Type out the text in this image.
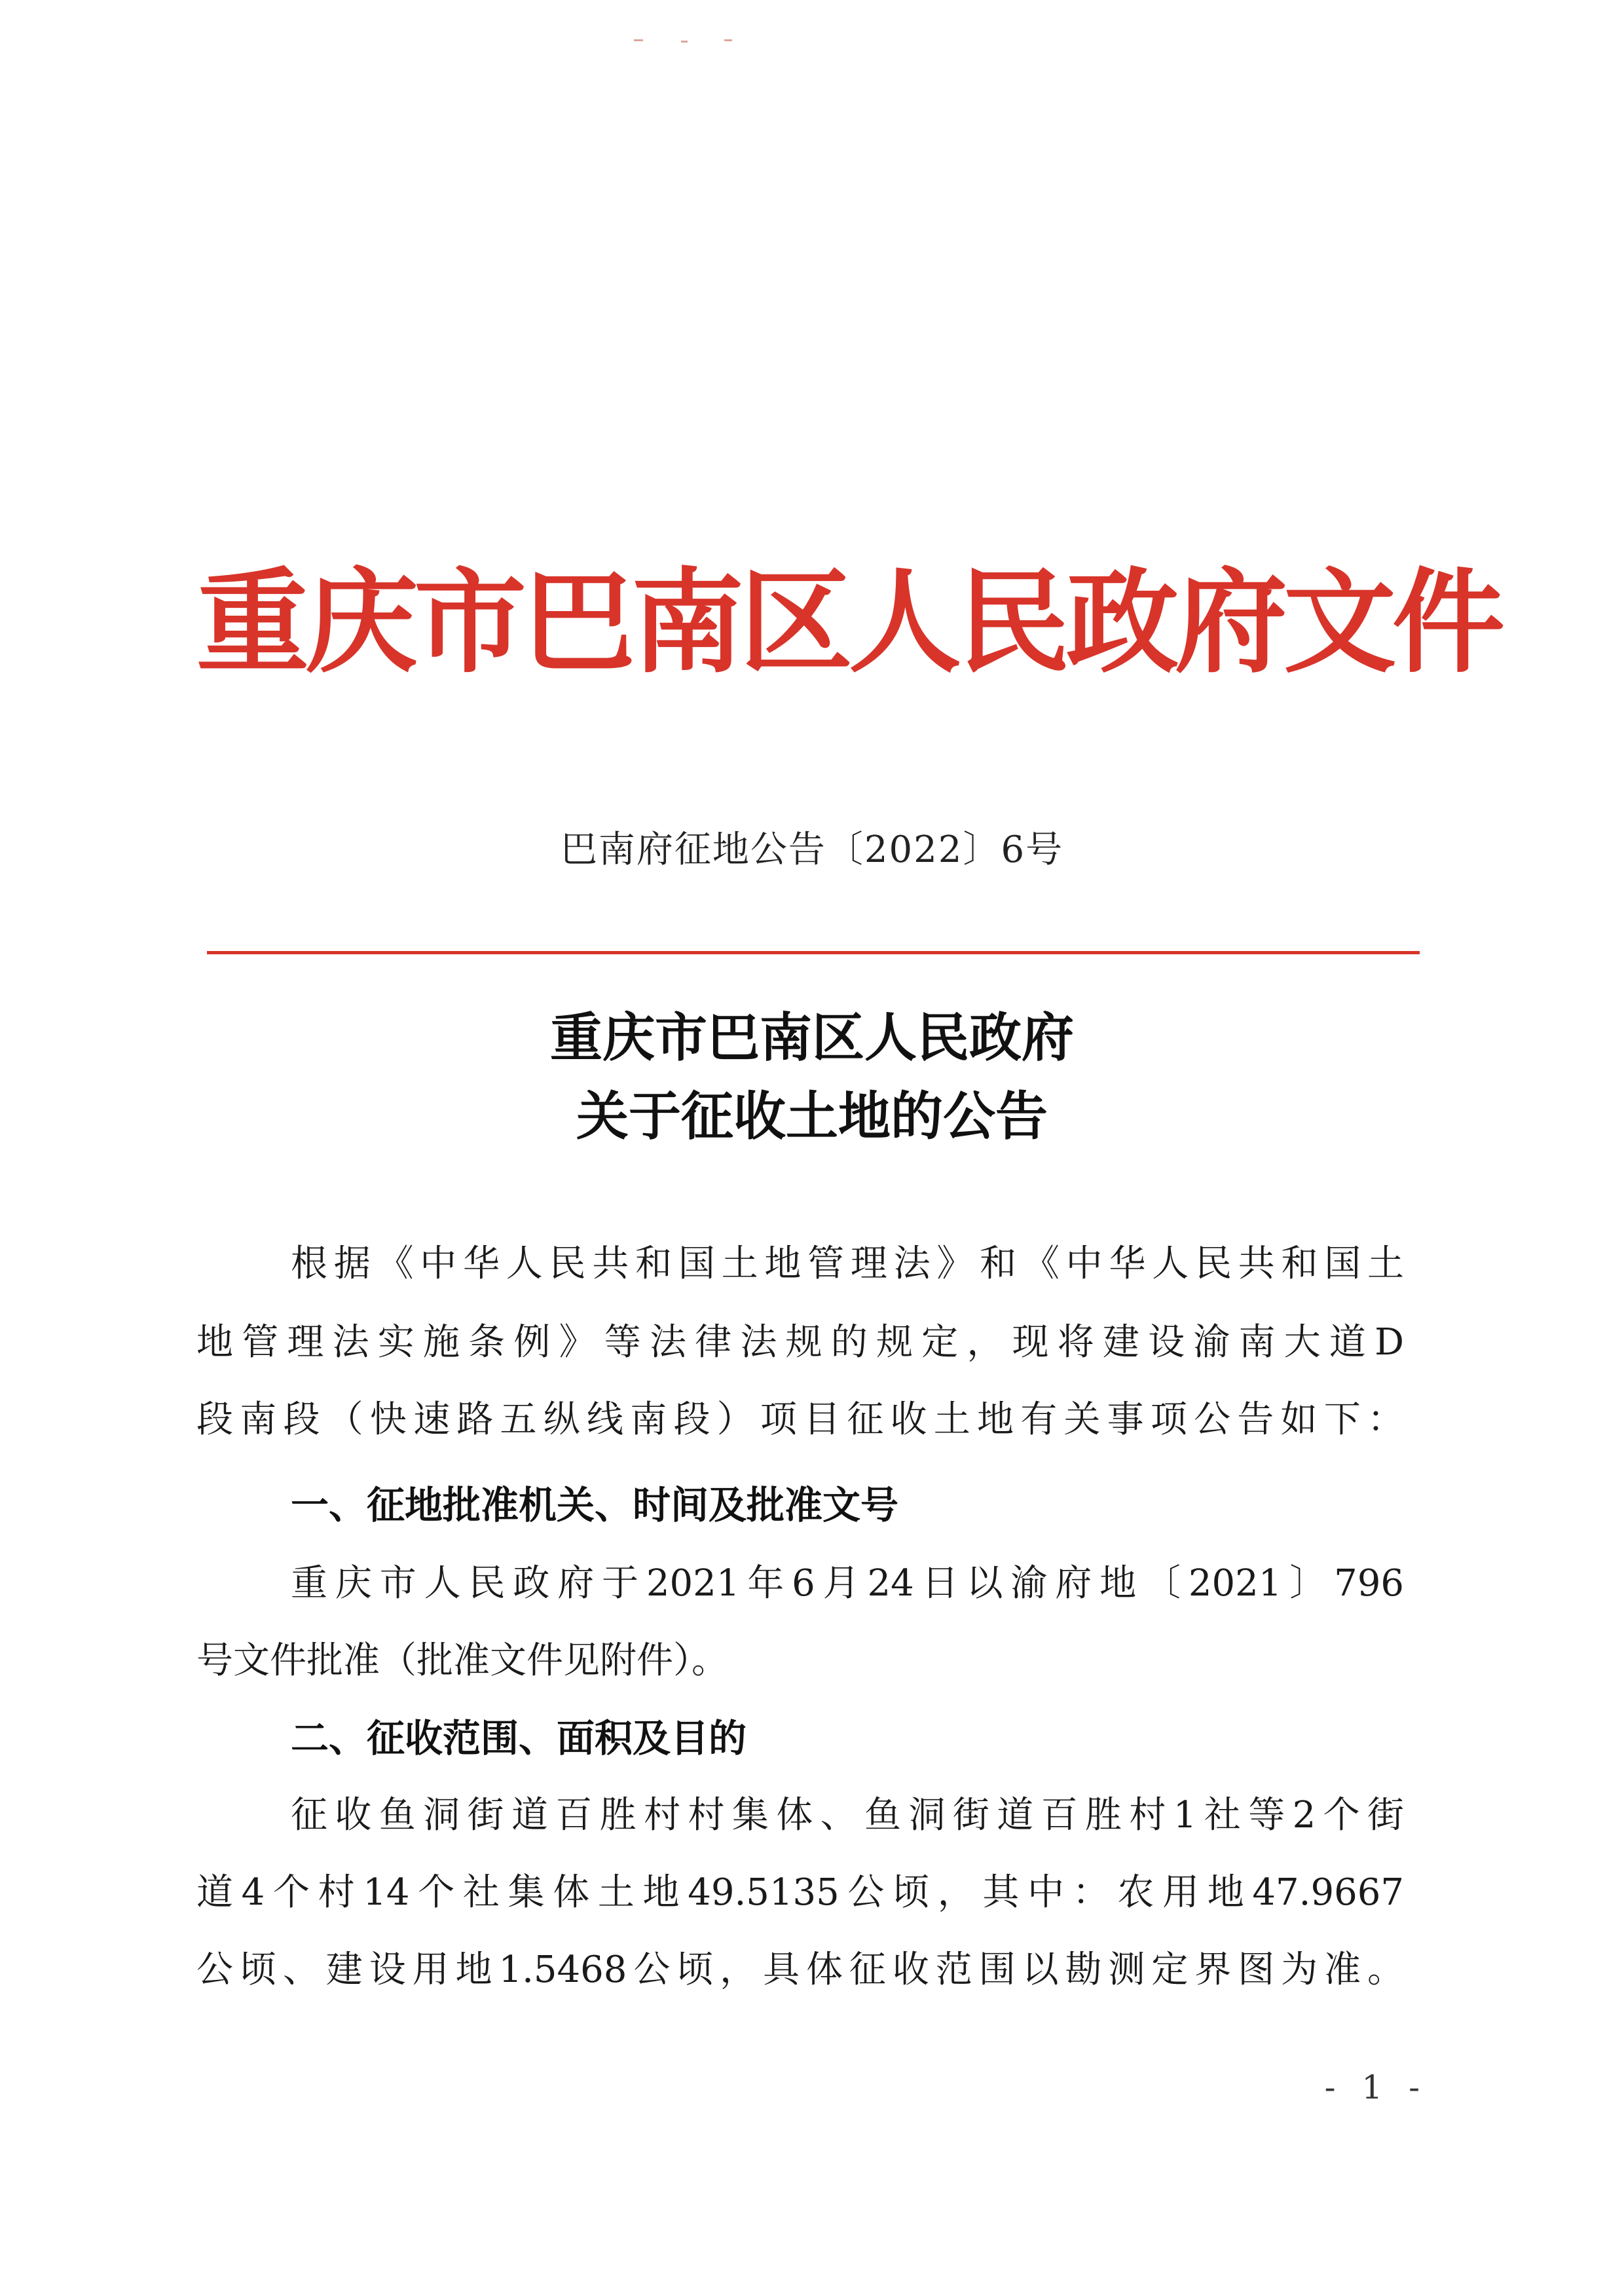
重庆市巴南区人民政府文件
巴南府征地公告〔2022〕6号
重庆市巴南区人民政府
关于征收土地的公告
根据《中华人民共和国土地管理法》和《中华人民共和国土
地管理法实施条例》等法律法规的规定，现将建设渝南大道D
段南段（快速路五纵线南段）项目征收土地有关事项公告如下：
一、征地批准机关、时间及批准文号
重庆市人民政府于2021年6月24日以渝府地〔2021〕796
号文件批准（批准文件见附件）。
二、征收范围、面积及目的
征收鱼洞街道百胜村村集体、鱼洞街道百胜村1社等2个街
道4个村14个社集体土地49.5135公顷，其中：农用地47.9667
公顷、建设用地1.5468公顷，具体征收范围以勘测定界图为准。
- 1 -
